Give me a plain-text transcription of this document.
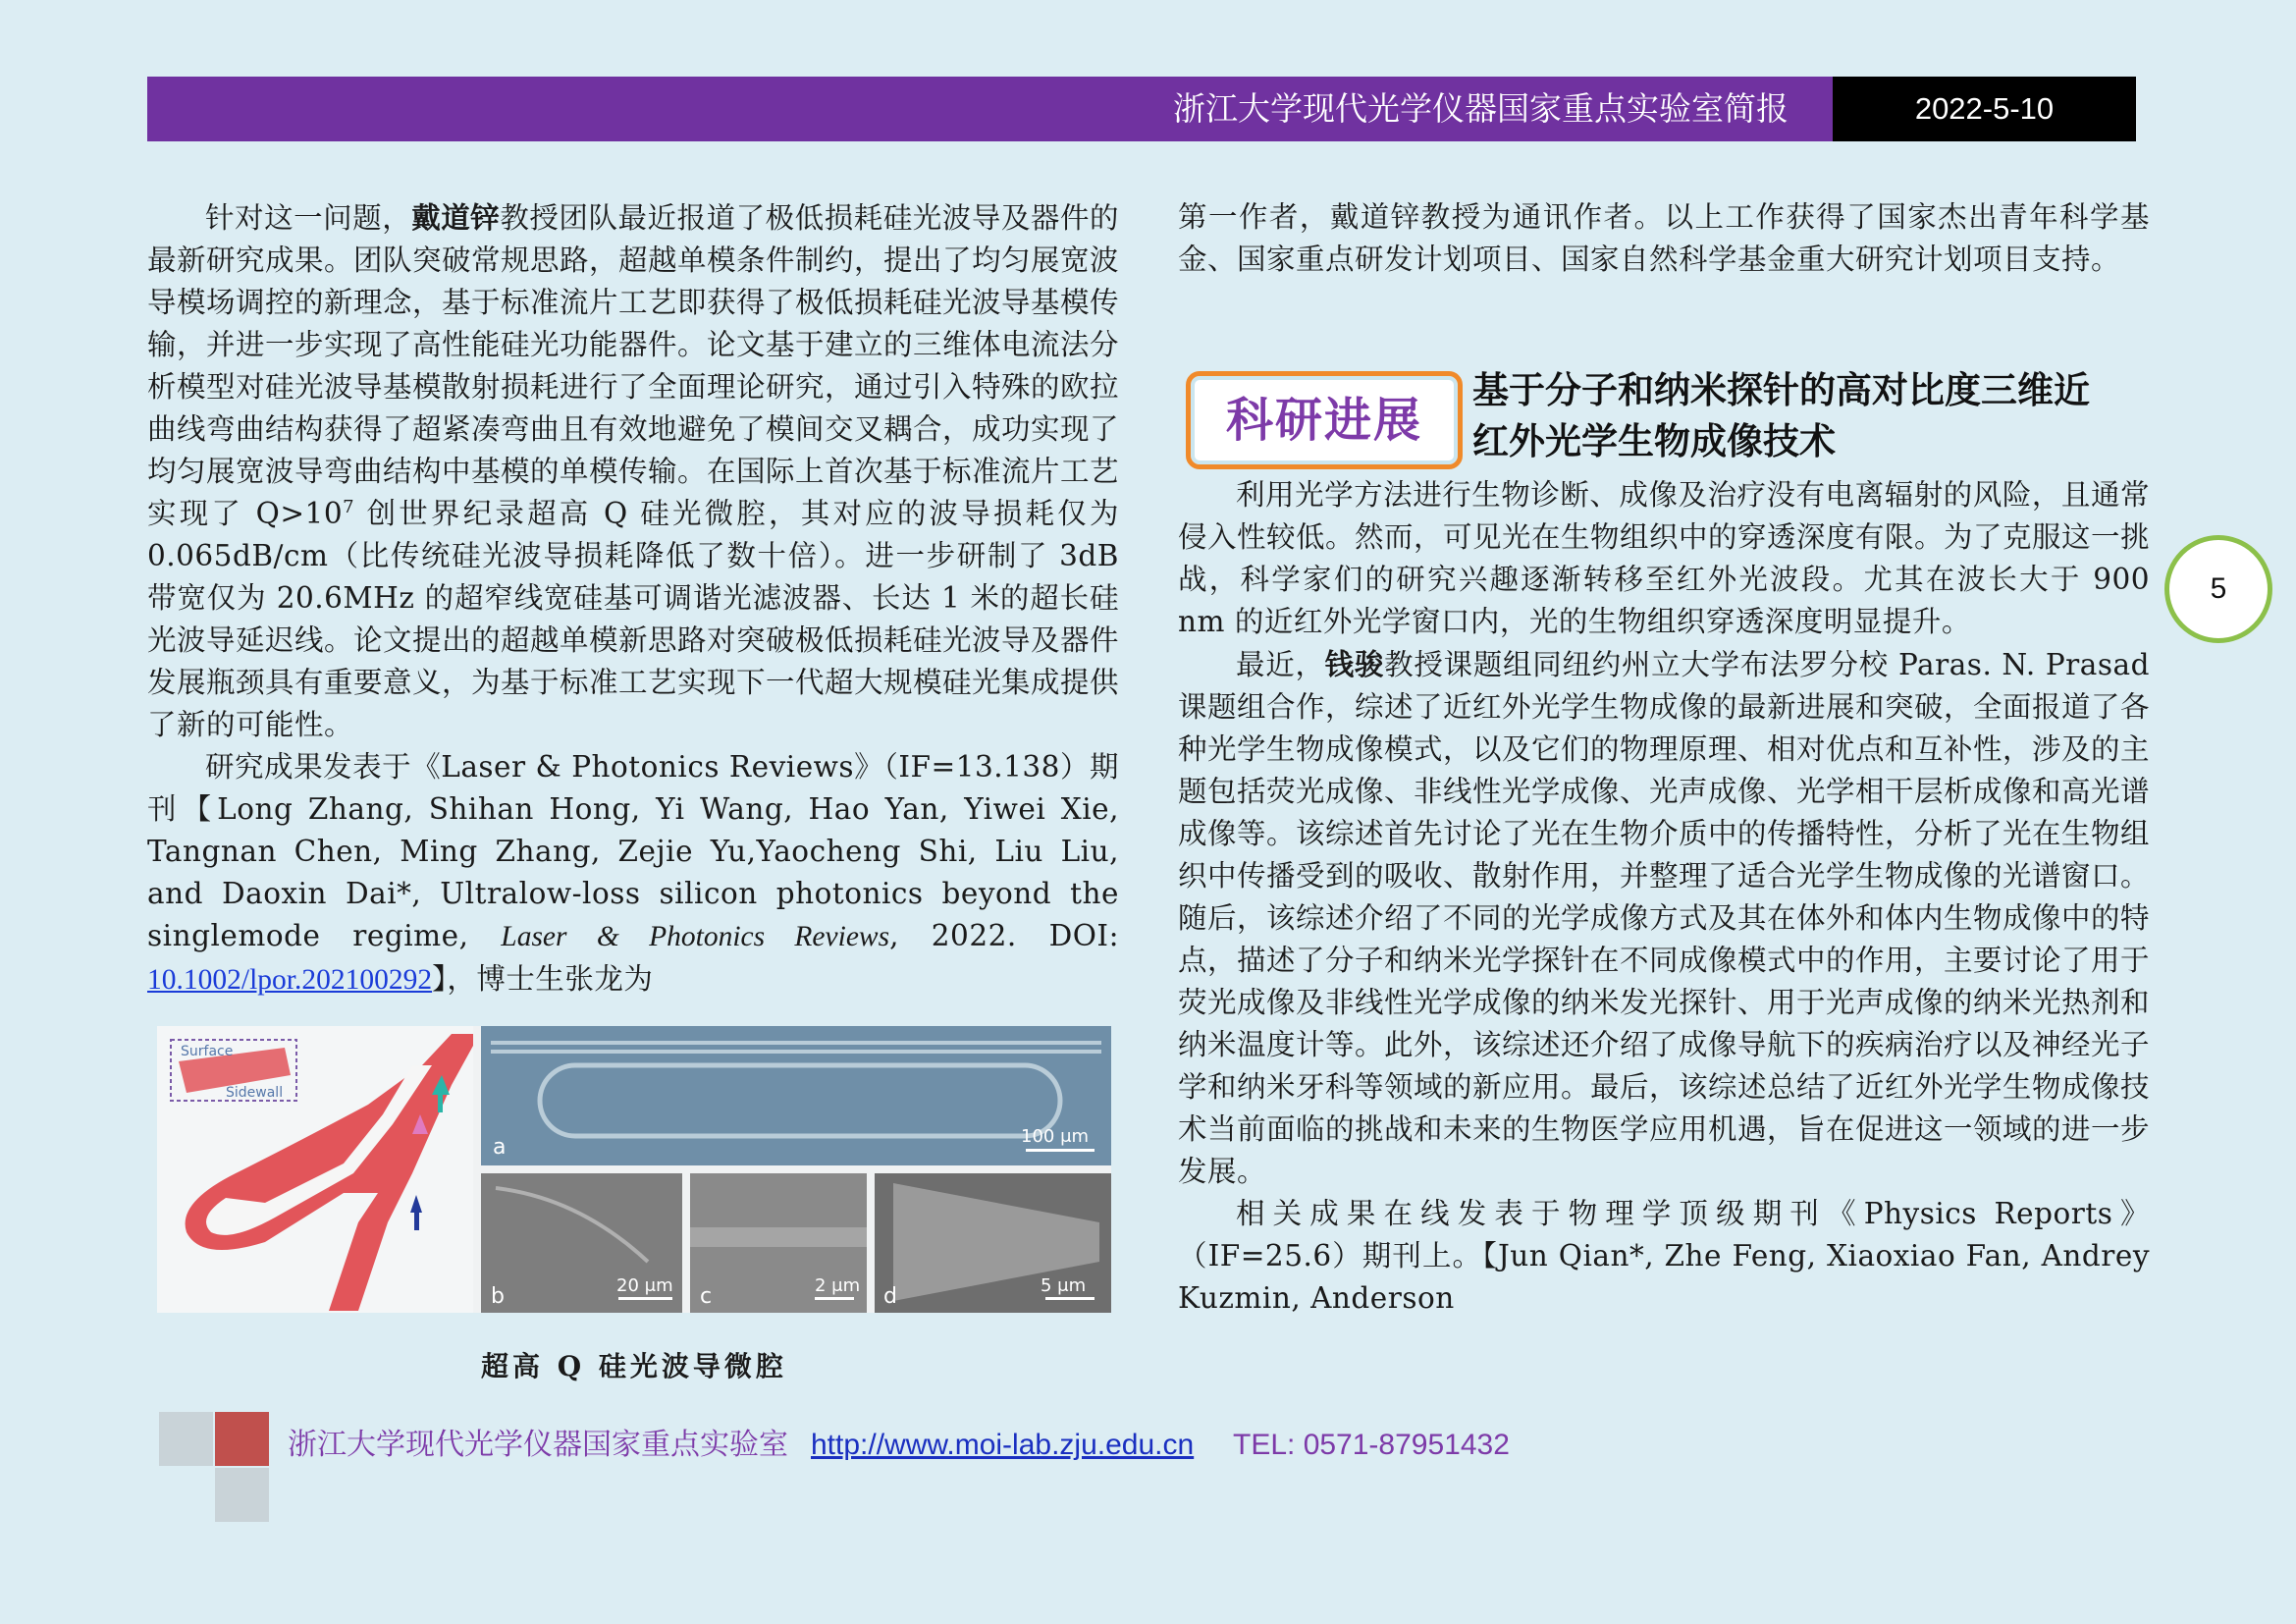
浙江大学现代光学仪器国家重点实验室简报	2022-5-10

针对这一问题，戴道锌教授团队最近报道了极低损耗硅光波导及器件的最新研究成果。团队突破常规思路，超越单模条件制约，提出了均匀展宽波导模场调控的新理念，基于标准流片工艺即获得了极低损耗硅光波导基模传输，并进一步实现了高性能硅光功能器件。论文基于建立的三维体电流法分析模型对硅光波导基模散射损耗进行了全面理论研究，通过引入特殊的欧拉曲线弯曲结构获得了超紧凑弯曲且有效地避免了模间交叉耦合，成功实现了均匀展宽波导弯曲结构中基模的单模传输。在国际上首次基于标准流片工艺实现了 $Q>10^7$ 创世界纪录超高 Q 硅光微腔，其对应的波导损耗仅为 0.065dB/cm（比传统硅光波导损耗降低了数十倍）。进一步研制了 3dB 带宽仅为 20.6MHz 的超窄线宽硅基可调谐光滤波器、长达 1 米的超长硅光波导延迟线。论文提出的超越单模新思路对突破极低损耗硅光波导及器件发展瓶颈具有重要意义，为基于标准工艺实现下一代超大规模硅光集成提供了新的可能性。

研究成果发表于《Laser & Photonics Reviews》（IF=13.138）期刊【Long Zhang, Shihan Hong, Yi Wang, Hao Yan, Yiwei Xie, Tangnan Chen, Ming Zhang, Zejie Yu,Yaocheng Shi, Liu Liu, and Daoxin Dai*, Ultralow-loss silicon photonics beyond the singlemode regime, Laser & Photonics Reviews, 2022. DOI: 10.1002/lpor.202100292】，博士生张龙为

Surface
Sidewall
a	100 μm
b	20 μm c	2 μm d	5 μm
超高 Q 硅光波导微腔

第一作者，戴道锌教授为通讯作者。以上工作获得了国家杰出青年科学基金、国家重点研发计划项目、国家自然科学基金重大研究计划项目支持。

科研进展
基于分子和纳米探针的高对比度三维近
红外光学生物成像技术

利用光学方法进行生物诊断、成像及治疗没有电离辐射的风险，且通常侵入性较低。然而，可见光在生物组织中的穿透深度有限。为了克服这一挑战，科学家们的研究兴趣逐渐转移至红外光波段。尤其在波长大于 900 nm 的近红外光学窗口内，光的生物组织穿透深度明显提升。

最近，钱骏教授课题组同纽约州立大学布法罗分校 Paras. N. Prasad 课题组合作，综述了近红外光学生物成像的最新进展和突破，全面报道了各种光学生物成像模式，以及它们的物理原理、相对优点和互补性，涉及的主题包括荧光成像、非线性光学成像、光声成像、光学相干层析成像和高光谱成像等。该综述首先讨论了光在生物介质中的传播特性，分析了光在生物组织中传播受到的吸收、散射作用，并整理了适合光学生物成像的光谱窗口。随后，该综述介绍了不同的光学成像方式及其在体外和体内生物成像中的特点，描述了分子和纳米光学探针在不同成像模式中的作用，主要讨论了用于荧光成像及非线性光学成像的纳米发光探针、用于光声成像的纳米光热剂和纳米温度计等。此外，该综述还介绍了成像导航下的疾病治疗以及神经光子学和纳米牙科等领域的新应用。最后，该综述总结了近红外光学生物成像技术当前面临的挑战和未来的生物医学应用机遇，旨在促进这一领域的进一步发展。

相关成果在线发表于物理学顶级期刊《Physics Reports》（IF=25.6）期刊上。【Jun Qian*, Zhe Feng, Xiaoxiao Fan, Andrey Kuzmin, Anderson

5
浙江大学现代光学仪器国家重点实验室 http://www.moi-lab.zju.edu.cn TEL: 0571-87951432
